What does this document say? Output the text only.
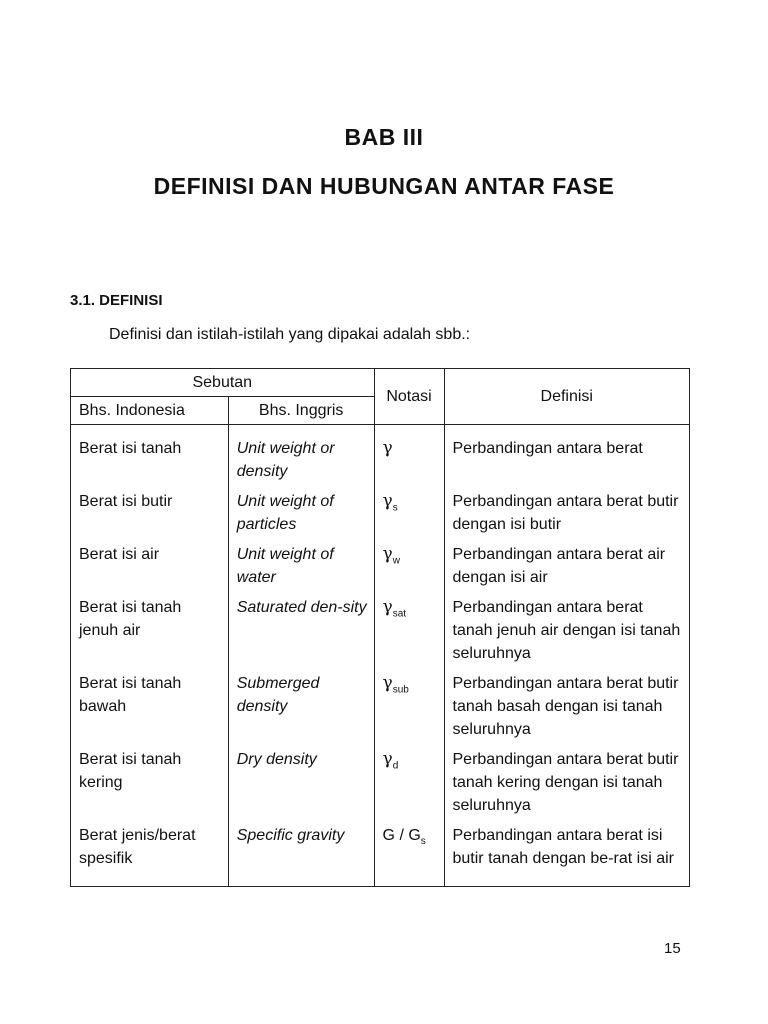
BAB III
DEFINISI DAN HUBUNGAN ANTAR FASE
3.1. DEFINISI
Definisi dan istilah-istilah yang dipakai adalah sbb.:
Sebutan		Notasi	Definisi
Bhs. Indonesia	Bhs. Inggris		
Berat isi tanah	Unit weight or density	γ	Perbandingan antara berat
Berat isi butir	Unit weight of particles	$\gamma_s$	Perbandingan antara berat butir dengan isi butir
Berat isi air	Unit weight of water	$\gamma_w$	Perbandingan antara berat air dengan isi air
Berat isi tanah jenuh air	Saturated den-sity	$\gamma_{sat}$	Perbandingan antara berat tanah jenuh air dengan isi tanah seluruhnya
Berat isi tanah bawah	Submerged density	$\gamma_{sub}$	Perbandingan antara berat butir tanah basah dengan isi tanah seluruhnya
Berat isi tanah kering	Dry density	$\gamma_d$	Perbandingan antara berat butir tanah kering dengan isi tanah seluruhnya
Berat jenis/berat spesifik	Specific gravity	G / $G_s$	Perbandingan antara berat isi butir tanah dengan be-rat isi air
15
